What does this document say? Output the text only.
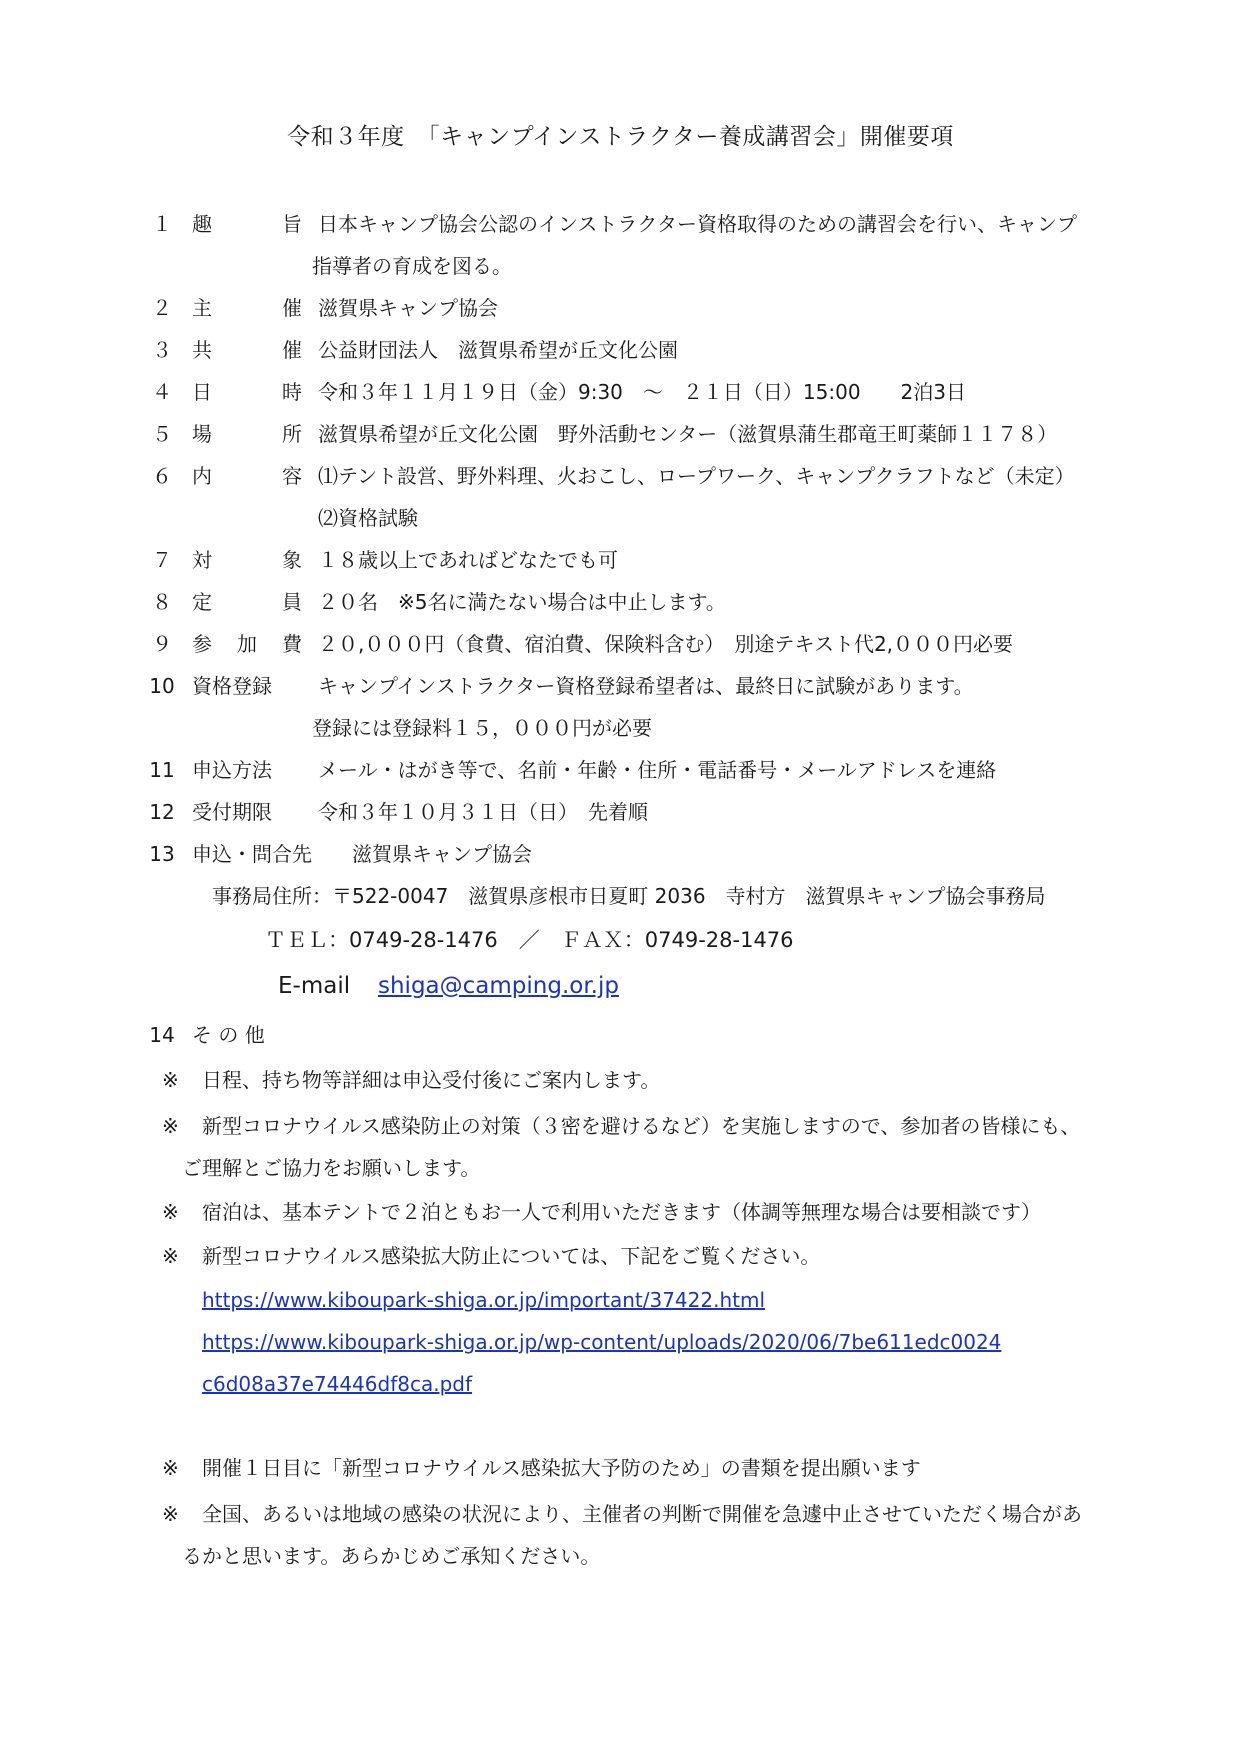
令和３年度　「キャンプインストラクター養成講習会」開催要項
１	趣	旨 日本キャンプ協会公認のインストラクター資格取得のための講習会を行い、キャンプ
指導者の育成を図る。
２	主	催 滋賀県キャンプ協会
３	共	催 公益財団法人　滋賀県希望が丘文化公園
４	日	時 令和３年１１月１９日（金）9:30　～　２１日（日）15:00　　2泊3日
５	場	所 滋賀県希望が丘文化公園　野外活動センター（滋賀県蒲生郡竜王町薬師１１７８）
６	内	容 ⑴テント設営、野外料理、火おこし、ロープワーク、キャンプクラフトなど（未定）
⑵資格試験
７	対	象 １８歳以上であればどなたでも可
８	定	員 ２０名　※5名に満たない場合は中止します。
９	参 加 費 ２０,０００円（食費、宿泊費、保険料含む）　別途テキスト代2,０００円必要
10 資格登録	キャンプインストラクター資格登録希望者は、最終日に試験があります。
登録には登録料１５，０００円が必要
11 申込方法	メール・はがき等で、名前・年齢・住所・電話番号・メールアドレスを連絡
12 受付期限	令和３年１０月３１日（日）　先着順
13 申込・問合先 滋賀県キャンプ協会
事務局住所：〒522-0047　滋賀県彦根市日夏町 2036　寺村方　滋賀県キャンプ協会事務局
ＴＥＬ：0749-28-1476　／　ＦＡＸ：0749-28-1476
E-mail shiga@camping.or.jp
14 そ の 他
※ 日程、持ち物等詳細は申込受付後にご案内します。
※ 新型コロナウイルス感染防止の対策（３密を避けるなど）を実施しますので、参加者の皆様にも、
ご理解とご協力をお願いします。
※ 宿泊は、基本テントで２泊ともお一人で利用いただきます（体調等無理な場合は要相談です）
※ 新型コロナウイルス感染拡大防止については、下記をご覧ください。
https://www.kiboupark-shiga.or.jp/important/37422.html
https://www.kiboupark-shiga.or.jp/wp-content/uploads/2020/06/7be611edc0024
c6d08a37e74446df8ca.pdf
※ 開催１日目に「新型コロナウイルス感染拡大予防のため」の書類を提出願います
※ 全国、あるいは地域の感染の状況により、主催者の判断で開催を急遽中止させていただく場合があ
るかと思います。あらかじめご承知ください。
